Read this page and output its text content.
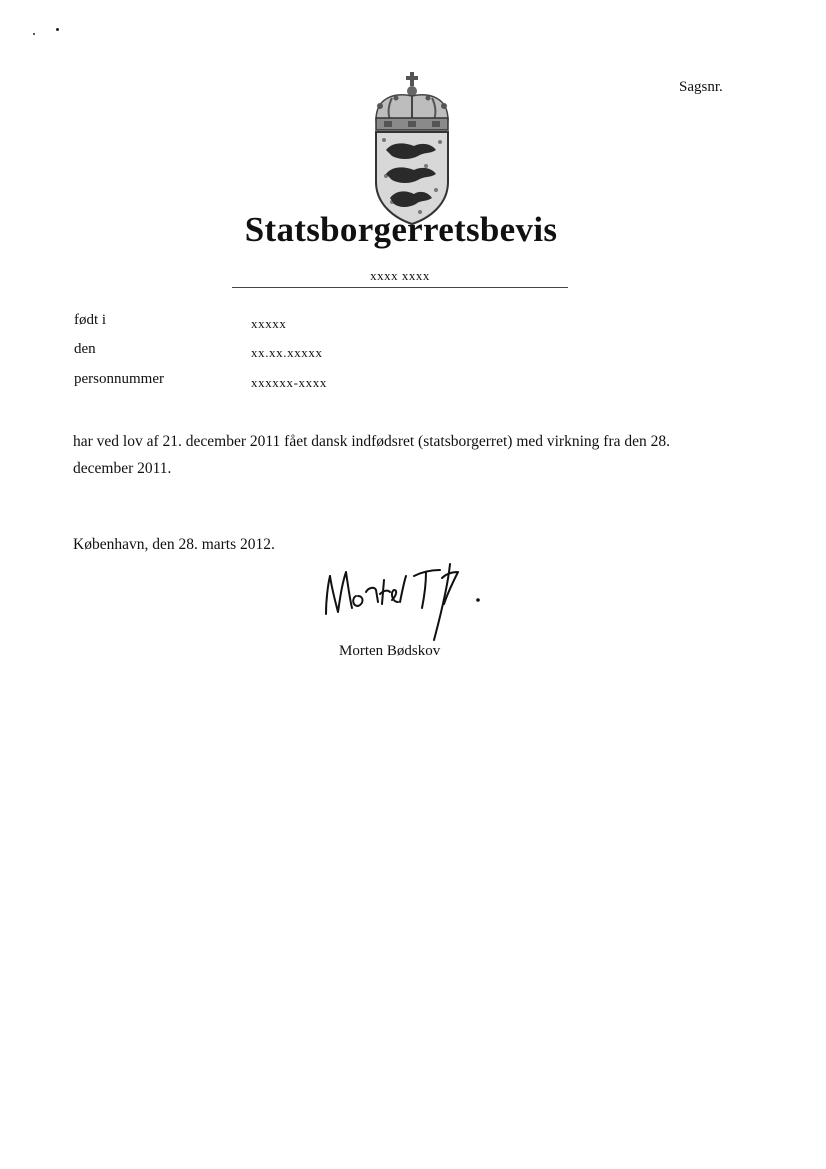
Sagsnr.
Statsborgerretsbevis
xxxx xxxx
født i	xxxxx
den	xx.xx.xxxxx
personnummer	xxxxxx-xxxx
har ved lov af 21. december 2011 fået dansk indfødsret (statsborgerret) med virkning fra den 28. december 2011.
København, den 28. marts 2012.
Morten Bødskov
